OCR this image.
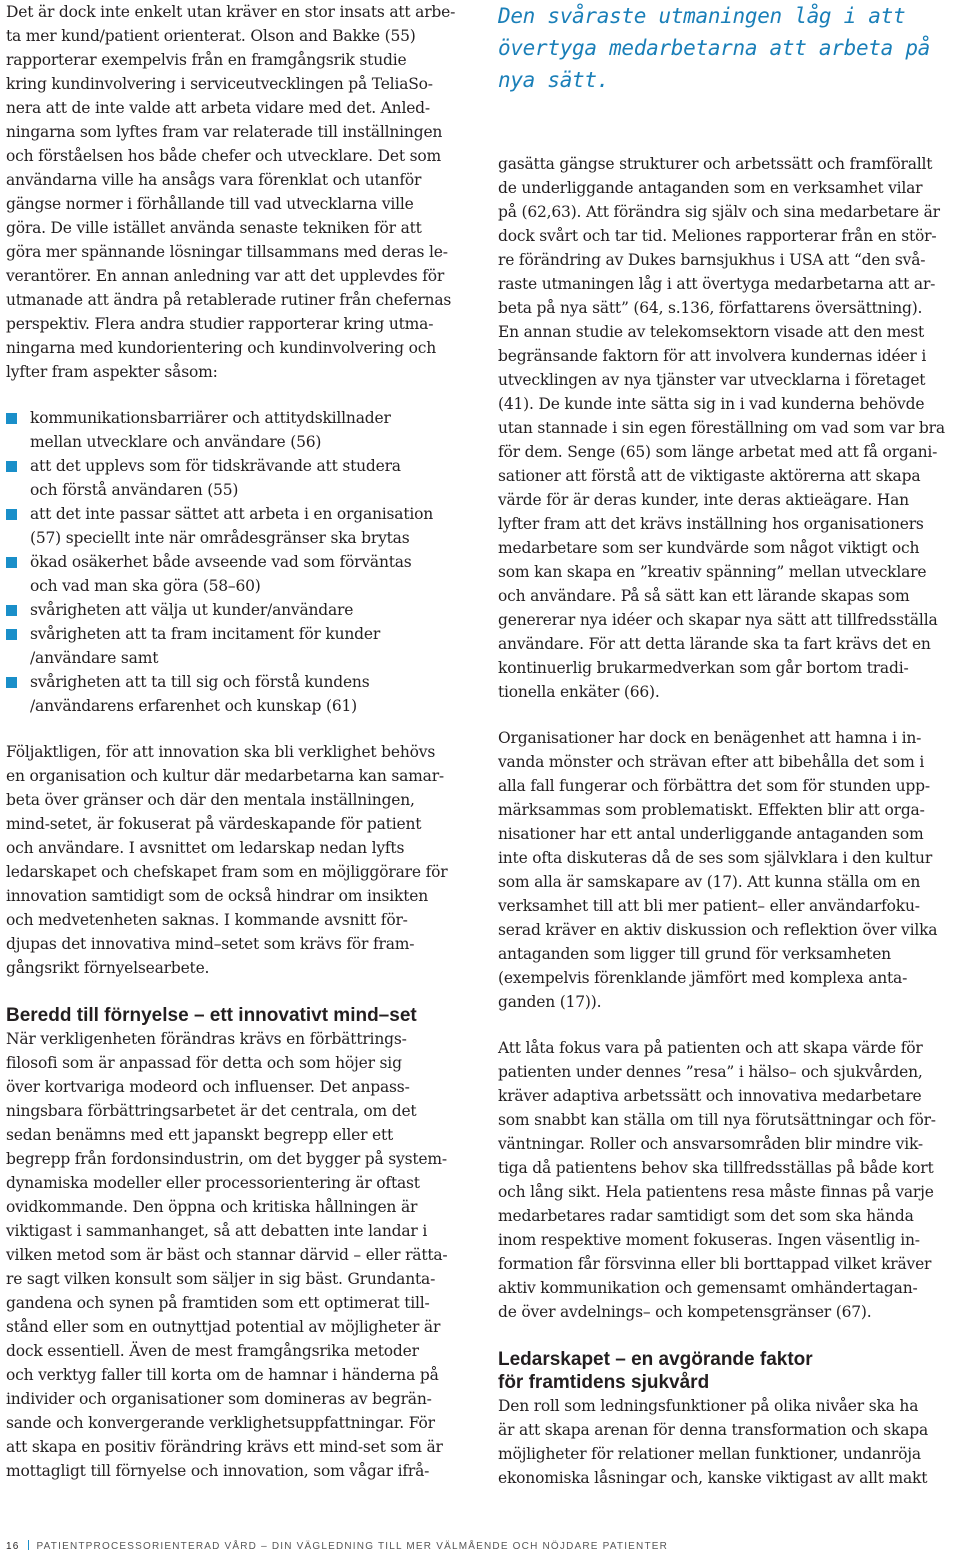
Det är dock inte enkelt utan kräver en stor insats att arbe-
ta mer kund/patient orienterat. Olson and Bakke (55)
rapporterar exempelvis från en framgångsrik studie
kring kundinvolvering i serviceutvecklingen på TeliaSo-
nera att de inte valde att arbeta vidare med det. Anled-
ningarna som lyftes fram var relaterade till inställningen
och förståelsen hos både chefer och utvecklare. Det som
användarna ville ha ansågs vara förenklat och utanför
gängse normer i förhållande till vad utvecklarna ville
göra. De ville istället använda senaste tekniken för att
göra mer spännande lösningar tillsammans med deras le-
verantörer. En annan anledning var att det upplevdes för
utmanade att ändra på retablerade rutiner från chefernas
perspektiv. Flera andra studier rapporterar kring utma-
ningarna med kundorientering och kundinvolvering och
lyfter fram aspekter såsom:

kommunikationsbarriärer och attitydskillnader
mellan utvecklare och användare (56)
att det upplevs som för tidskrävande att studera
och förstå användaren (55)
att det inte passar sättet att arbeta i en organisation
(57) speciellt inte när områdesgränser ska brytas
ökad osäkerhet både avseende vad som förväntas
och vad man ska göra (58–60)
svårigheten att välja ut kunder/användare
svårigheten att ta fram incitament för kunder
/användare samt
svårigheten att ta till sig och förstå kundens
/användarens erfarenhet och kunskap (61)

Följaktligen, för att innovation ska bli verklighet behövs
en organisation och kultur där medarbetarna kan samar-
beta över gränser och där den mentala inställningen,
mind-setet, är fokuserat på värdeskapande för patient
och användare. I avsnittet om ledarskap nedan lyfts
ledarskapet och chefskapet fram som en möjliggörare för
innovation samtidigt som de också hindrar om insikten
och medvetenheten saknas. I kommande avsnitt för-
djupas det innovativa mind–setet som krävs för fram-
gångsrikt förnyelsearbete.

Beredd till förnyelse – ett innovativt mind–set

När verkligenheten förändras krävs en förbättrings-
filosofi som är anpassad för detta och som höjer sig
över kortvariga modeord och influenser. Det anpass-
ningsbara förbättringsarbetet är det centrala, om det
sedan benämns med ett japanskt begrepp eller ett
begrepp från fordonsindustrin, om det bygger på system-
dynamiska modeller eller processorientering är oftast
ovidkommande. Den öppna och kritiska hållningen är
viktigast i sammanhanget, så att debatten inte landar i
vilken metod som är bäst och stannar därvid – eller rätta-
re sagt vilken konsult som säljer in sig bäst. Grundanta-
gandena och synen på framtiden som ett optimerat till-
stånd eller som en outnyttjad potential av möjligheter är
dock essentiell. Även de mest framgångsrika metoder
och verktyg faller till korta om de hamnar i händerna på
individer och organisationer som domineras av begrän-
sande och konvergerande verklighetsuppfattningar. För
att skapa en positiv förändring krävs ett mind-set som är
mottagligt till förnyelse och innovation, som vågar ifrå-

Den svåraste utmaningen låg i att
övertyga medarbetarna att arbeta på
nya sätt.

gasätta gängse strukturer och arbetssätt och framförallt
de underliggande antaganden som en verksamhet vilar
på (62,63). Att förändra sig själv och sina medarbetare är
dock svårt och tar tid. Meliones rapporterar från en stör-
re förändring av Dukes barnsjukhus i USA att “den svå-
raste utmaningen låg i att övertyga medarbetarna att ar-
beta på nya sätt” (64, s.136, författarens översättning).
En annan studie av telekomsektorn visade att den mest
begränsande faktorn för att involvera kundernas idéer i
utvecklingen av nya tjänster var utvecklarna i företaget
(41). De kunde inte sätta sig in i vad kunderna behövde
utan stannade i sin egen föreställning om vad som var bra
för dem. Senge (65) som länge arbetat med att få organi-
sationer att förstå att de viktigaste aktörerna att skapa
värde för är deras kunder, inte deras aktieägare. Han
lyfter fram att det krävs inställning hos organisationers
medarbetare som ser kundvärde som något viktigt och
som kan skapa en ”kreativ spänning” mellan utvecklare
och användare. På så sätt kan ett lärande skapas som
genererar nya idéer och skapar nya sätt att tillfredsställa
användare. För att detta lärande ska ta fart krävs det en
kontinuerlig brukarmedverkan som går bortom tradi-
tionella enkäter (66).

Organisationer har dock en benägenhet att hamna i in-
vanda mönster och strävan efter att bibehålla det som i
alla fall fungerar och förbättra det som för stunden upp-
märksammas som problematiskt. Effekten blir att orga-
nisationer har ett antal underliggande antaganden som
inte ofta diskuteras då de ses som självklara i den kultur
som alla är samskapare av (17). Att kunna ställa om en
verksamhet till att bli mer patient– eller användarfoku-
serad kräver en aktiv diskussion och reflektion över vilka
antaganden som ligger till grund för verksamheten
(exempelvis förenklande jämfört med komplexa anta-
ganden (17)).

Att låta fokus vara på patienten och att skapa värde för
patienten under dennes ”resa” i hälso– och sjukvården,
kräver adaptiva arbetssätt och innovativa medarbetare
som snabbt kan ställa om till nya förutsättningar och för-
väntningar. Roller och ansvarsområden blir mindre vik-
tiga då patientens behov ska tillfredsställas på både kort
och lång sikt. Hela patientens resa måste finnas på varje
medarbetares radar samtidigt som det som ska hända
inom respektive moment fokuseras. Ingen väsentlig in-
formation får försvinna eller bli borttappad vilket kräver
aktiv kommunikation och gemensamt omhändertagan-
de över avdelnings– och kompetensgränser (67).

Ledarskapet – en avgörande faktor
för framtidens sjukvård

Den roll som ledningsfunktioner på olika nivåer ska ha
är att skapa arenan för denna transformation och skapa
möjligheter för relationer mellan funktioner, undanröja
ekonomiska låsningar och, kanske viktigast av allt makt

16 PATIENTPROCESSORIENTERAD VÅRD – DIN VÄGLEDNING TILL MER VÄLMÅENDE OCH NÖJDARE PATIENTER
